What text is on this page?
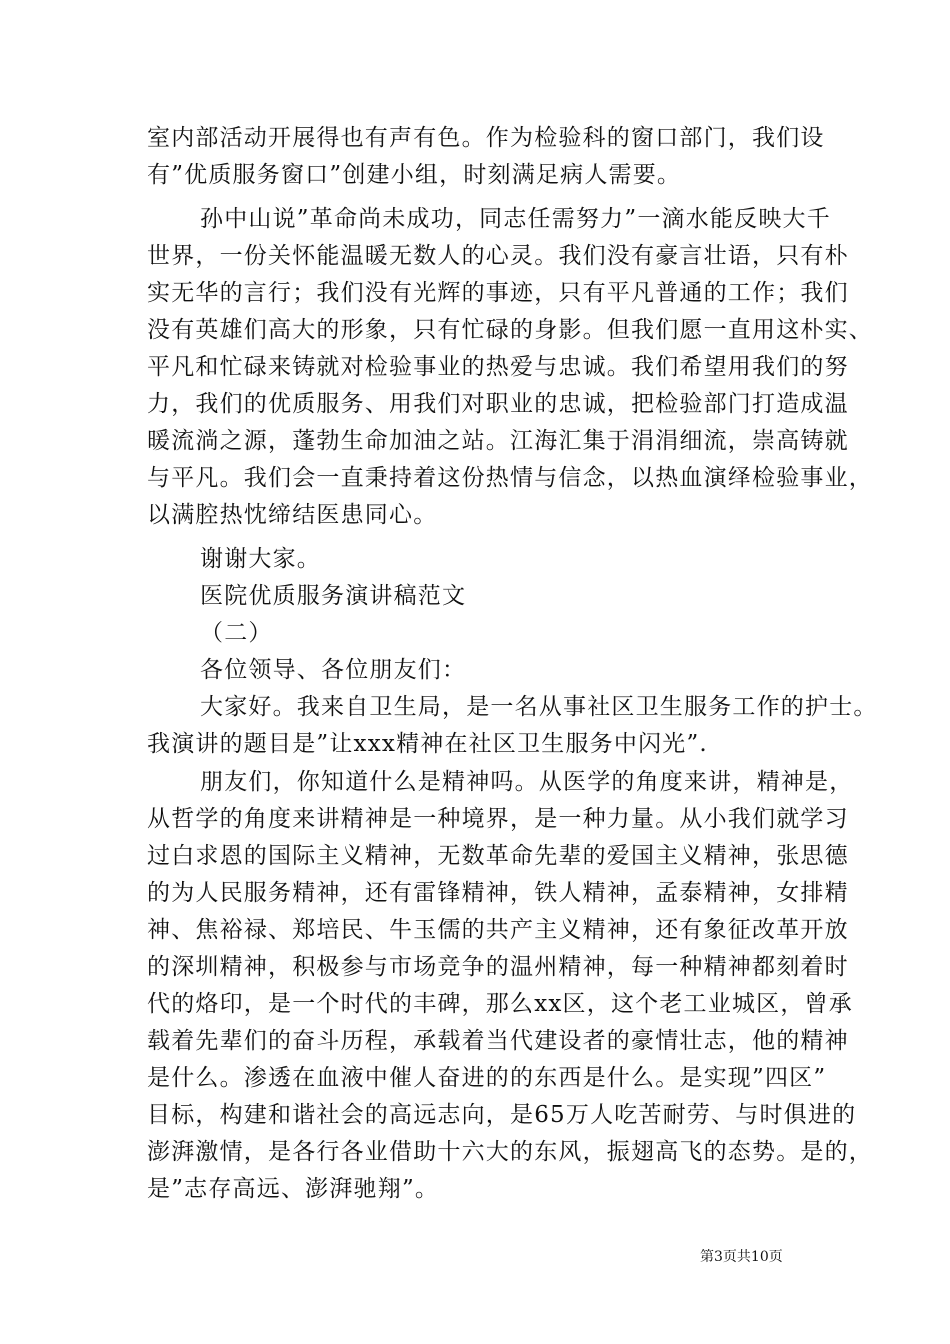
室内部活动开展得也有声有色。作为检验科的窗口部门，我们设
有”优质服务窗口”创建小组，时刻满足病人需要。
孙中山说”革命尚未成功，同志任需努力”一滴水能反映大千
世界，一份关怀能温暖无数人的心灵。我们没有豪言壮语，只有朴
实无华的言行；我们没有光辉的事迹，只有平凡普通的工作；我们
没有英雄们高大的形象，只有忙碌的身影。但我们愿一直用这朴实、
平凡和忙碌来铸就对检验事业的热爱与忠诚。我们希望用我们的努
力，我们的优质服务、用我们对职业的忠诚，把检验部门打造成温
暖流淌之源，蓬勃生命加油之站。江海汇集于涓涓细流，崇高铸就
与平凡。我们会一直秉持着这份热情与信念，以热血演绎检验事业，
以满腔热忱缔结医患同心。
谢谢大家。
医院优质服务演讲稿范文
（二）
各位领导、各位朋友们：
大家好。我来自卫生局，是一名从事社区卫生服务工作的护士。
我演讲的题目是”让xxx精神在社区卫生服务中闪光”.
朋友们，你知道什么是精神吗。从医学的角度来讲，精神是，
从哲学的角度来讲精神是一种境界，是一种力量。从小我们就学习
过白求恩的国际主义精神，无数革命先辈的爱国主义精神，张思德
的为人民服务精神，还有雷锋精神，铁人精神，孟泰精神，女排精
神、焦裕禄、郑培民、牛玉儒的共产主义精神，还有象征改革开放
的深圳精神，积极参与市场竞争的温州精神，每一种精神都刻着时
代的烙印，是一个时代的丰碑，那么xx区，这个老工业城区，曾承
载着先辈们的奋斗历程，承载着当代建设者的豪情壮志，他的精神
是什么。渗透在血液中催人奋进的的东西是什么。是实现”四区”
目标，构建和谐社会的高远志向，是65万人吃苦耐劳、与时俱进的
澎湃激情，是各行各业借助十六大的东风，振翅高飞的态势。是的，
是”志存高远、澎湃驰翔”。
第3页共10页
